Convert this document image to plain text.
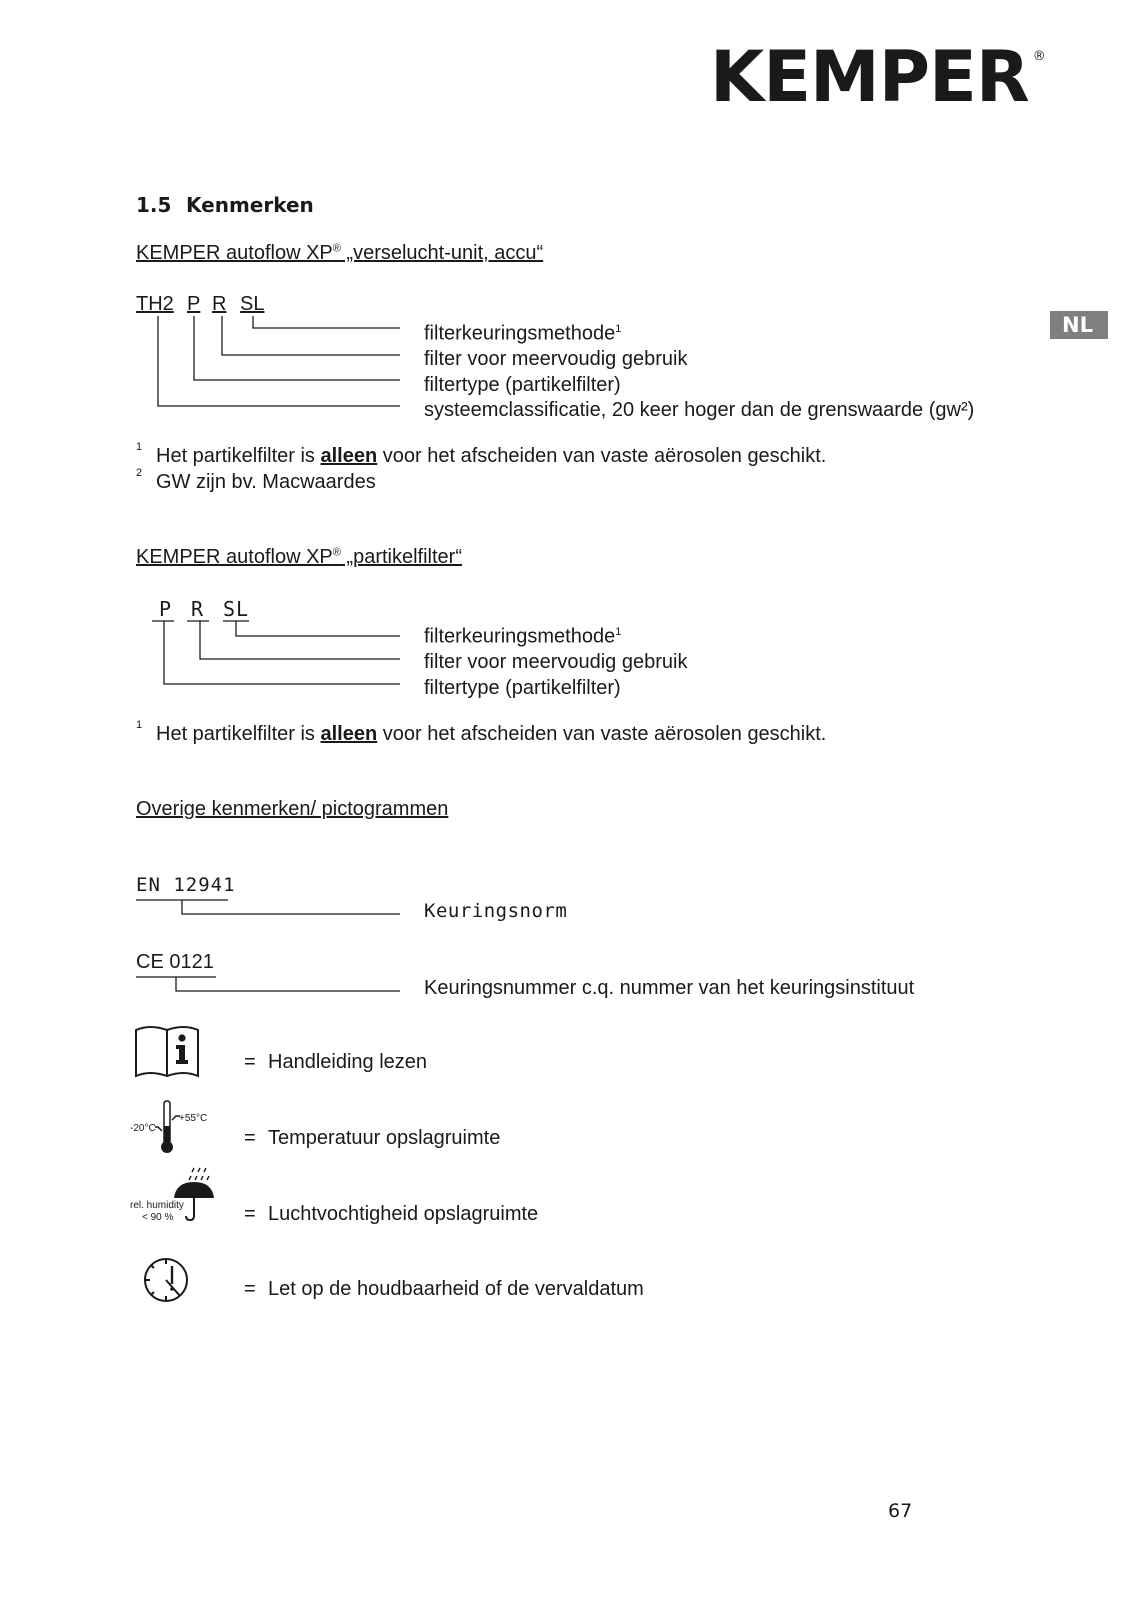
KEMPER ®
NL
1.5 Kenmerken
KEMPER autoflow XP® „verselucht-unit, accu“
TH2 P R SL
filterkeuringsmethode$^1$
filter voor meervoudig gebruik
filtertype (partikelfilter)
systeemclassificatie, 20 keer hoger dan de grenswaarde (gw²)
1 Het partikelfilter is alleen voor het afscheiden van vaste aërosolen geschikt.
2 GW zijn bv. Macwaardes
KEMPER autoflow XP® „partikelfilter“
P R SL
filterkeuringsmethode$^1$
filter voor meervoudig gebruik
filtertype (partikelfilter)
1 Het partikelfilter is alleen voor het afscheiden van vaste aërosolen geschikt.
Overige kenmerken/ pictogrammen
EN 12941
Keuringsnorm
CE 0121
Keuringsnummer c.q. nummer van het keuringsinstituut
= Handleiding lezen
-20°C
+55°C
= Temperatuur opslagruimte
rel. humidity
< 90 %	= Luchtvochtigheid opslagruimte
= Let op de houdbaarheid of de vervaldatum
67
